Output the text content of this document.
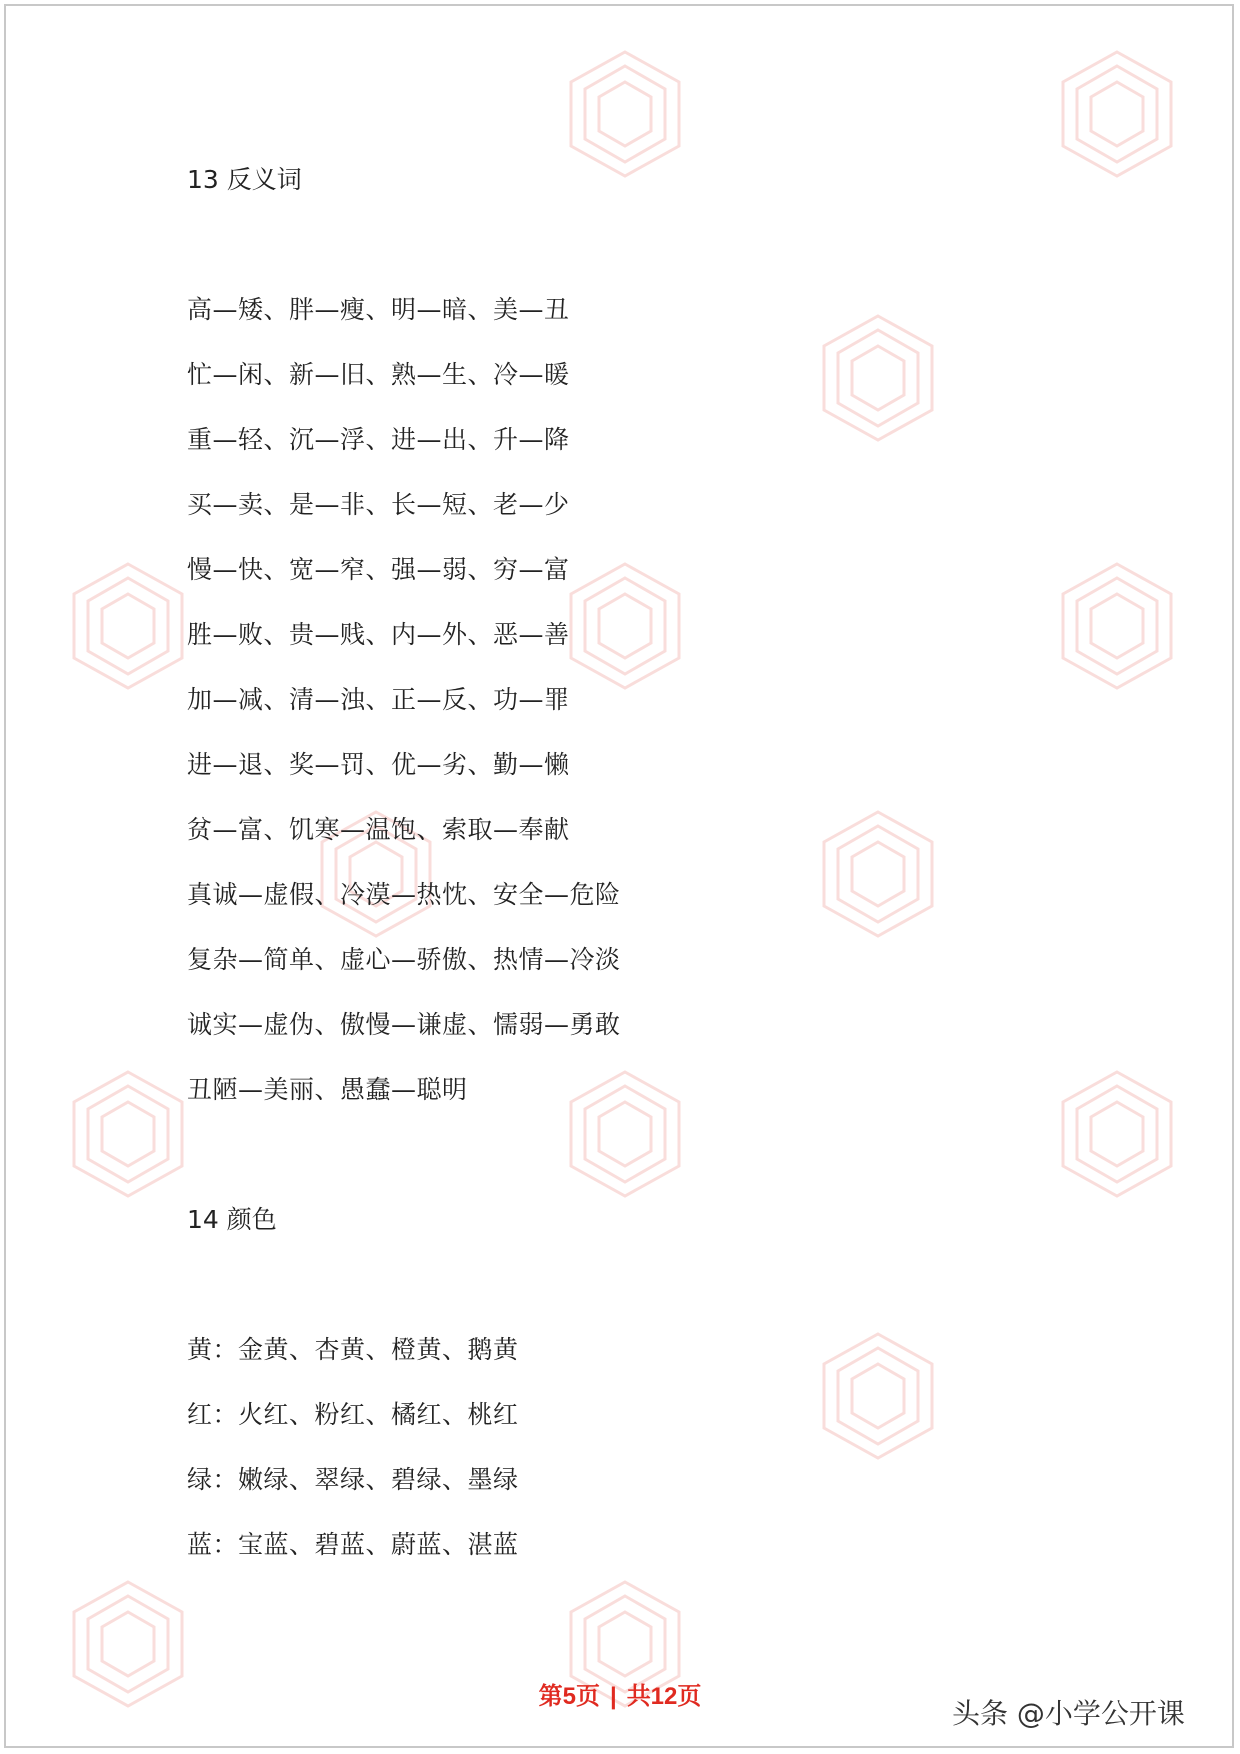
13 反义词
高—矮、胖—瘦、明—暗、美—丑
忙—闲、新—旧、熟—生、冷—暖
重—轻、沉—浮、进—出、升—降
买—卖、是—非、长—短、老—少
慢—快、宽—窄、强—弱、穷—富
胜—败、贵—贱、内—外、恶—善
加—减、清—浊、正—反、功—罪
进—退、奖—罚、优—劣、勤—懒
贫—富、饥寒—温饱、索取—奉献
真诚—虚假、冷漠—热忱、安全—危险
复杂—简单、虚心—骄傲、热情—冷淡
诚实—虚伪、傲慢—谦虚、懦弱—勇敢
丑陋—美丽、愚蠢—聪明
14 颜色
黄：金黄、杏黄、橙黄、鹅黄
红：火红、粉红、橘红、桃红
绿：嫩绿、翠绿、碧绿、墨绿
蓝：宝蓝、碧蓝、蔚蓝、湛蓝
第5页 | 共12页
头条 @小学公开课
